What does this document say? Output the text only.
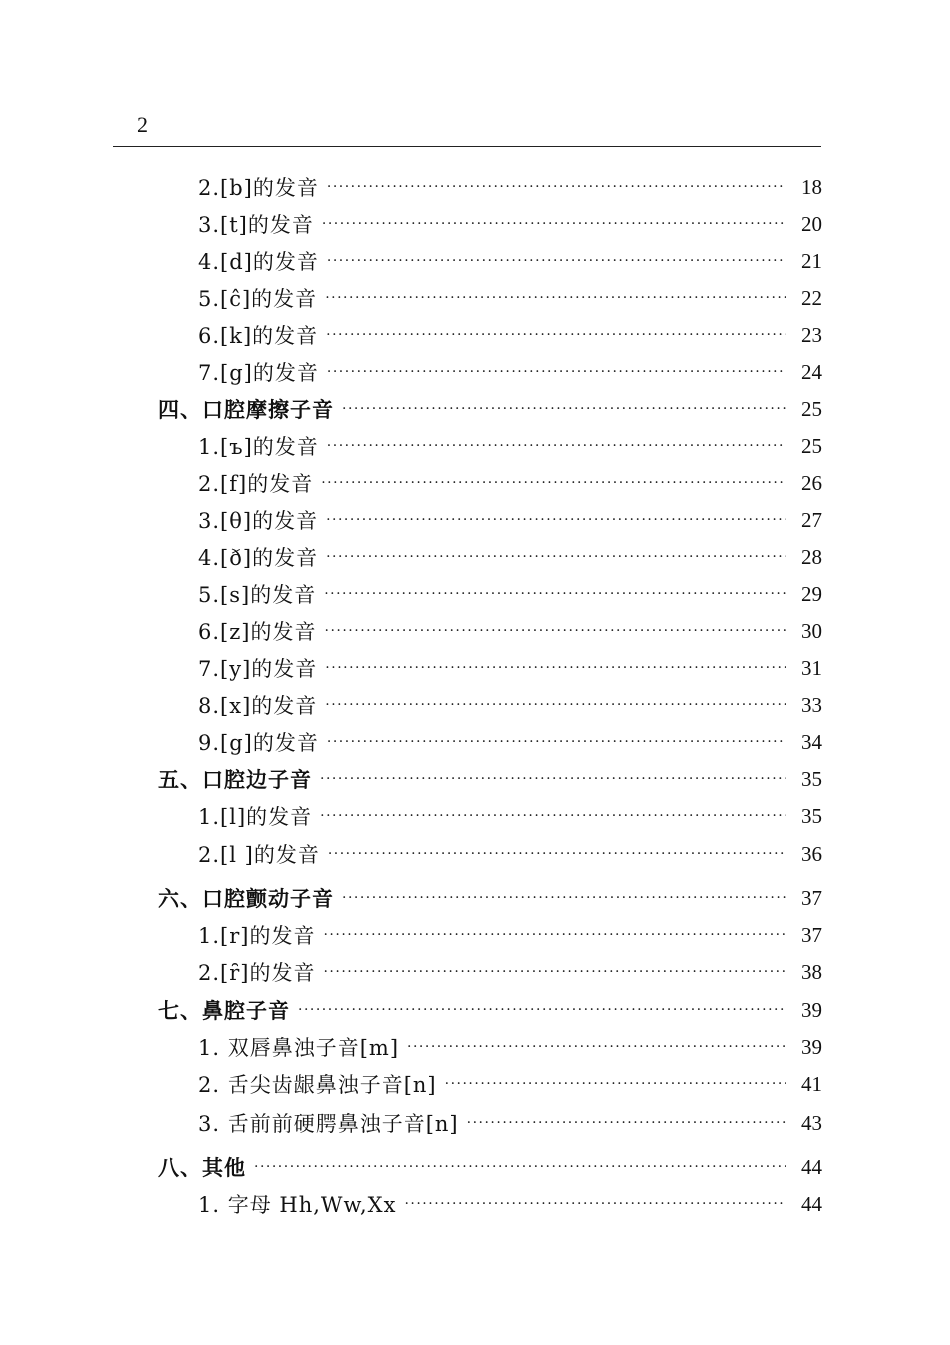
2
2.[b]的发音 ·····	18
3.[t]的发音 ·····	20
4.[d]的发音 ·····	21
5.[ĉ]的发音 ·····	22
6.[k]的发音 ·····	23
7.[g]的发音 ·····	24
四、口腔摩擦子音 ·····	25
1.[ъ]的发音 ·····	25
2.[f]的发音 ·····	26
3.[θ]的发音 ·····	27
4.[ð]的发音 ·····	28
5.[s]的发音 ·····	29
6.[z]的发音 ·····	30
7.[y]的发音 ·····	31
8.[x]的发音 ·····	33
9.[g]的发音 ·····	34
五、口腔边子音 ·····	35
1.[l]的发音 ·····	35
2.[l ]的发音 ·····	36
六、口腔颤动子音 ·····	37
1.[r]的发音 ·····	37
2.[ȓ]的发音 ·····	38
七、鼻腔子音 ·····	39
1. 双唇鼻浊子音[m] ·····	39
2. 舌尖齿龈鼻浊子音[n] ·····	41
3. 舌前前硬腭鼻浊子音[n] ·····	43
八、其他 ·····	44
1. 字母 Hh,Ww,Xx ·····	44
